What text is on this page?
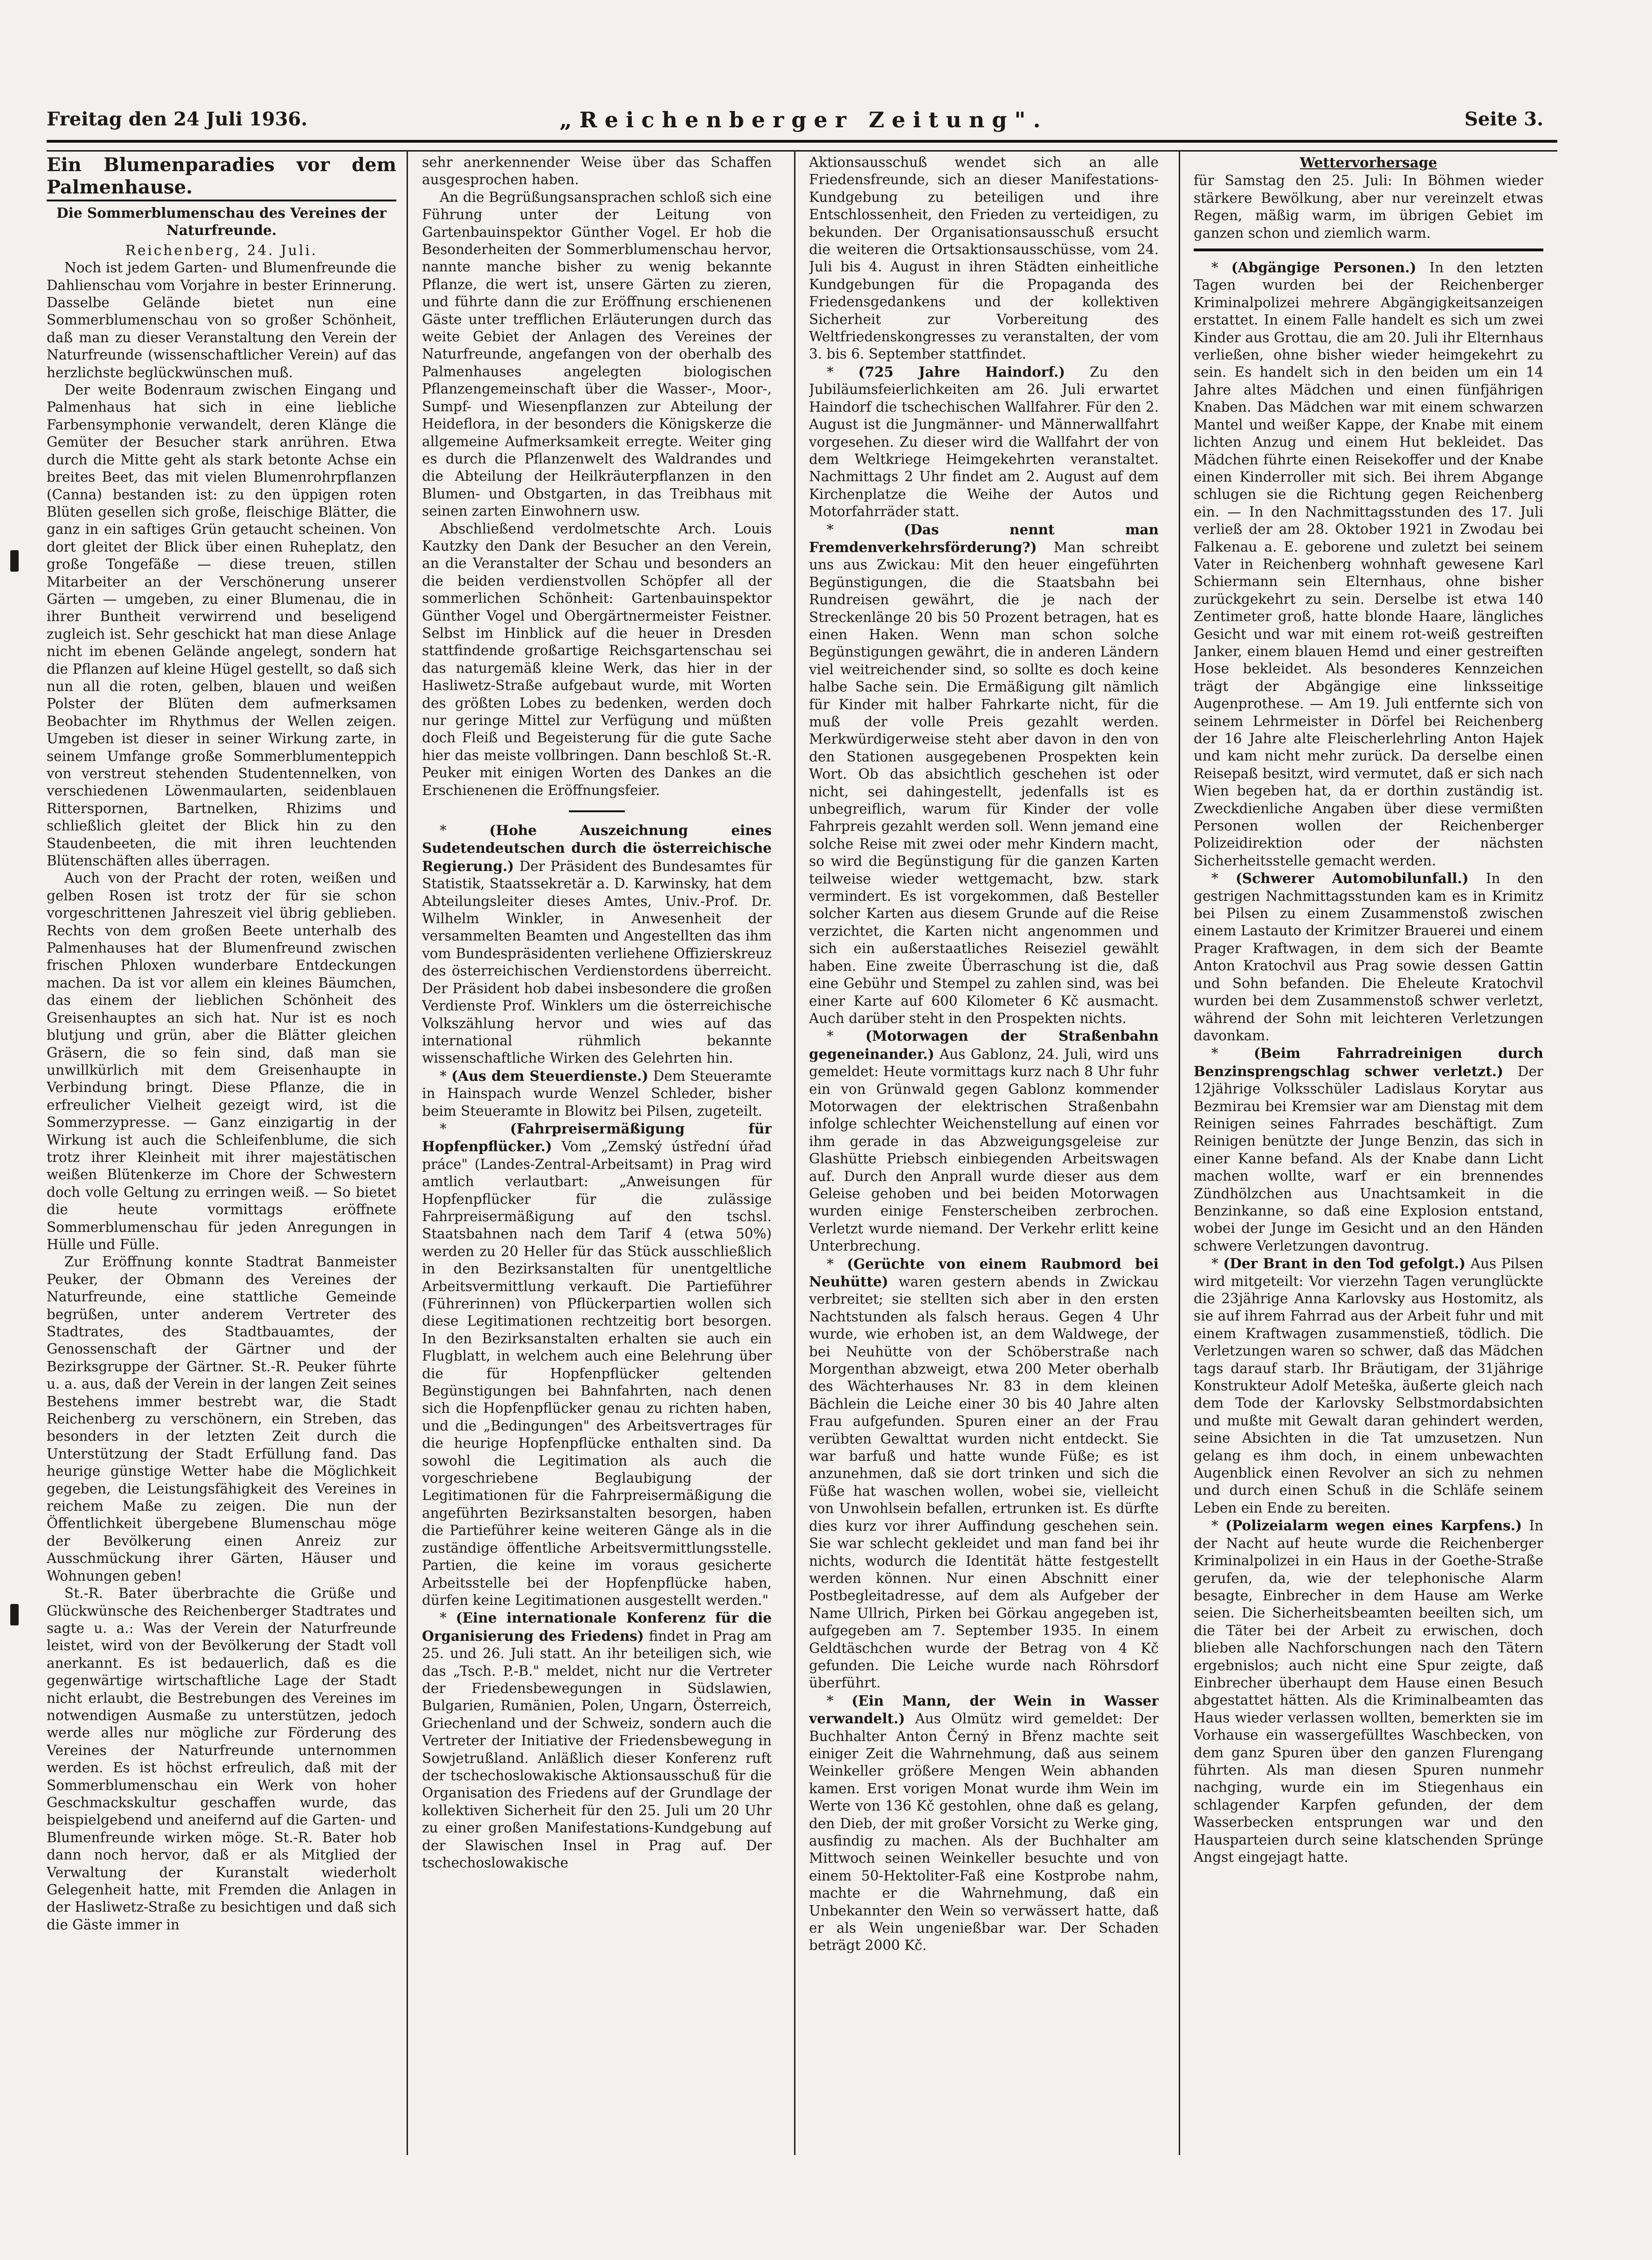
Freitag den 24 Juli 1936.	„Reichenberger Zeitung".	Seite 3.

Ein Blumenparadies vor dem Palmenhause.

Die Sommerblumenschau des Vereines der Naturfreunde.

Reichenberg, 24. Juli.

Noch ist jedem Garten- und Blumenfreunde die Dahlienschau vom Vorjahre in bester Erinnerung. Dasselbe Gelände bietet nun eine Sommerblumenschau von so großer Schönheit, daß man zu dieser Veranstaltung den Verein der Naturfreunde (wissenschaftlicher Verein) auf das herzlichste beglückwünschen muß.

Der weite Bodenraum zwischen Eingang und Palmenhaus hat sich in eine liebliche Farbensymphonie verwandelt, deren Klänge die Gemüter der Besucher stark anrühren. Etwa durch die Mitte geht als stark betonte Achse ein breites Beet, das mit vielen Blumenrohrpflanzen (Canna) bestanden ist: zu den üppigen roten Blüten gesellen sich große, fleischige Blätter, die ganz in ein saftiges Grün getaucht scheinen. Von dort gleitet der Blick über einen Ruheplatz, den große Tongefäße — diese treuen, stillen Mitarbeiter an der Verschönerung unserer Gärten — umgeben, zu einer Blumenau, die in ihrer Buntheit verwirrend und beseligend zugleich ist. Sehr geschickt hat man diese Anlage nicht im ebenen Gelände angelegt, sondern hat die Pflanzen auf kleine Hügel gestellt, so daß sich nun all die roten, gelben, blauen und weißen Polster der Blüten dem aufmerksamen Beobachter im Rhythmus der Wellen zeigen. Umgeben ist dieser in seiner Wirkung zarte, in seinem Umfange große Sommerblumenteppich von verstreut stehenden Studentennelken, von verschiedenen Löwenmaularten, seidenblauen Ritterspornen, Bartnelken, Rhizims und schließlich gleitet der Blick hin zu den Staudenbeeten, die mit ihren leuchtenden Blütenschäften alles überragen.

Auch von der Pracht der roten, weißen und gelben Rosen ist trotz der für sie schon vorgeschrittenen Jahreszeit viel übrig geblieben. Rechts von dem großen Beete unterhalb des Palmenhauses hat der Blumenfreund zwischen frischen Phloxen wunderbare Entdeckungen machen. Da ist vor allem ein kleines Bäumchen, das einem der lieblichen Schönheit des Greisenhauptes an sich hat. Nur ist es noch blutjung und grün, aber die Blätter gleichen Gräsern, die so fein sind, daß man sie unwillkürlich mit dem Greisenhaupte in Verbindung bringt. Diese Pflanze, die in erfreulicher Vielheit gezeigt wird, ist die Sommerzypresse. — Ganz einzigartig in der Wirkung ist auch die Schleifenblume, die sich trotz ihrer Kleinheit mit ihrer majestätischen weißen Blütenkerze im Chore der Schwestern doch volle Geltung zu erringen weiß. — So bietet die heute vormittags eröffnete Sommerblumenschau für jeden Anregungen in Hülle und Fülle.

Zur Eröffnung konnte Stadtrat Banmeister Peuker, der Obmann des Vereines der Naturfreunde, eine stattliche Gemeinde begrüßen, unter anderem Vertreter des Stadtrates, des Stadtbauamtes, der Genossenschaft der Gärtner und der Bezirksgruppe der Gärtner. St.-R. Peuker führte u. a. aus, daß der Verein in der langen Zeit seines Bestehens immer bestrebt war, die Stadt Reichenberg zu verschönern, ein Streben, das besonders in der letzten Zeit durch die Unterstützung der Stadt Erfüllung fand. Das heurige günstige Wetter habe die Möglichkeit gegeben, die Leistungsfähigkeit des Vereines in reichem Maße zu zeigen. Die nun der Öffentlichkeit übergebene Blumenschau möge der Bevölkerung einen Anreiz zur Ausschmückung ihrer Gärten, Häuser und Wohnungen geben!

St.-R. Bater überbrachte die Grüße und Glückwünsche des Reichenberger Stadtrates und sagte u. a.: Was der Verein der Naturfreunde leistet, wird von der Bevölkerung der Stadt voll anerkannt. Es ist bedauerlich, daß es die gegenwärtige wirtschaftliche Lage der Stadt nicht erlaubt, die Bestrebungen des Vereines im notwendigen Ausmaße zu unterstützen, jedoch werde alles nur mögliche zur Förderung des Vereines der Naturfreunde unternommen werden. Es ist höchst erfreulich, daß mit der Sommerblumenschau ein Werk von hoher Geschmackskultur geschaffen wurde, das beispielgebend und aneifernd auf die Garten- und Blumenfreunde wirken möge. St.-R. Bater hob dann noch hervor, daß er als Mitglied der Verwaltung der Kuranstalt wiederholt Gelegenheit hatte, mit Fremden die Anlagen in der Hasliwetz-Straße zu besichtigen und daß sich die Gäste immer in

sehr anerkennender Weise über das Schaffen ausgesprochen haben.

An die Begrüßungsansprachen schloß sich eine Führung unter der Leitung von Gartenbauinspektor Günther Vogel. Er hob die Besonderheiten der Sommerblumenschau hervor, nannte manche bisher zu wenig bekannte Pflanze, die wert ist, unsere Gärten zu zieren, und führte dann die zur Eröffnung erschienenen Gäste unter trefflichen Erläuterungen durch das weite Gebiet der Anlagen des Vereines der Naturfreunde, angefangen von der oberhalb des Palmenhauses angelegten biologischen Pflanzengemeinschaft über die Wasser-, Moor-, Sumpf- und Wiesenpflanzen zur Abteilung der Heideflora, in der besonders die Königskerze die allgemeine Aufmerksamkeit erregte. Weiter ging es durch die Pflanzenwelt des Waldrandes und die Abteilung der Heilkräuterpflanzen in den Blumen- und Obstgarten, in das Treibhaus mit seinen zarten Einwohnern usw.

Abschließend verdolmetschte Arch. Louis Kautzky den Dank der Besucher an den Verein, an die Veranstalter der Schau und besonders an die beiden verdienstvollen Schöpfer all der sommerlichen Schönheit: Gartenbauinspektor Günther Vogel und Obergärtnermeister Feistner. Selbst im Hinblick auf die heuer in Dresden stattfindende großartige Reichsgartenschau sei das naturgemäß kleine Werk, das hier in der Hasliwetz-Straße aufgebaut wurde, mit Worten des größten Lobes zu bedenken, werden doch nur geringe Mittel zur Verfügung und müßten doch Fleiß und Begeisterung für die gute Sache hier das meiste vollbringen. Dann beschloß St.-R. Peuker mit einigen Worten des Dankes an die Erschienenen die Eröffnungsfeier.

* (Hohe Auszeichnung eines Sudetendeutschen durch die österreichische Regierung.) Der Präsident des Bundesamtes für Statistik, Staatssekretär a. D. Karwinsky, hat dem Abteilungsleiter dieses Amtes, Univ.-Prof. Dr. Wilhelm Winkler, in Anwesenheit der versammelten Beamten und Angestellten das ihm vom Bundespräsidenten verliehene Offizierskreuz des österreichischen Verdienstordens überreicht. Der Präsident hob dabei insbesondere die großen Verdienste Prof. Winklers um die österreichische Volkszählung hervor und wies auf das international rühmlich bekannte wissenschaftliche Wirken des Gelehrten hin.

* (Aus dem Steuerdienste.) Dem Steueramte in Hainspach wurde Wenzel Schleder, bisher beim Steueramte in Blowitz bei Pilsen, zugeteilt.

* (Fahrpreisermäßigung für Hopfenpflücker.) Vom „Zemský ústřední úřad práce" (Landes-Zentral-Arbeitsamt) in Prag wird amtlich verlautbart: „Anweisungen für Hopfenpflücker für die zulässige Fahrpreisermäßigung auf den tschsl. Staatsbahnen nach dem Tarif 4 (etwa 50%) werden zu 20 Heller für das Stück ausschließlich in den Bezirksanstalten für unentgeltliche Arbeitsvermittlung verkauft. Die Partieführer (Führerinnen) von Pflückerpartien wollen sich diese Legitimationen rechtzeitig bort besorgen. In den Bezirksanstalten erhalten sie auch ein Flugblatt, in welchem auch eine Belehrung über die für Hopfenpflücker geltenden Begünstigungen bei Bahnfahrten, nach denen sich die Hopfenpflücker genau zu richten haben, und die „Bedingungen" des Arbeitsvertrages für die heurige Hopfenpflücke enthalten sind. Da sowohl die Legitimation als auch die vorgeschriebene Beglaubigung der Legitimationen für die Fahrpreisermäßigung die angeführten Bezirksanstalten besorgen, haben die Partieführer keine weiteren Gänge als in die zuständige öffentliche Arbeitsvermittlungsstelle. Partien, die keine im voraus gesicherte Arbeitsstelle bei der Hopfenpflücke haben, dürfen keine Legitimationen ausgestellt werden."

* (Eine internationale Konferenz für die Organisierung des Friedens) findet in Prag am 25. und 26. Juli statt. An ihr beteiligen sich, wie das „Tsch. P.-B." meldet, nicht nur die Vertreter der Friedensbewegungen in Südslawien, Bulgarien, Rumänien, Polen, Ungarn, Österreich, Griechenland und der Schweiz, sondern auch die Vertreter der Initiative der Friedensbewegung in Sowjetrußland. Anläßlich dieser Konferenz ruft der tschechoslowakische Aktionsausschuß für die Organisation des Friedens auf der Grundlage der kollektiven Sicherheit für den 25. Juli um 20 Uhr zu einer großen Manifestations-Kundgebung auf der Slawischen Insel in Prag auf. Der tschechoslowakische

Aktionsausschuß wendet sich an alle Friedensfreunde, sich an dieser Manifestations-Kundgebung zu beteiligen und ihre Entschlossenheit, den Frieden zu verteidigen, zu bekunden. Der Organisationsausschuß ersucht die weiteren die Ortsaktionsausschüsse, vom 24. Juli bis 4. August in ihren Städten einheitliche Kundgebungen für die Propaganda des Friedensgedankens und der kollektiven Sicherheit zur Vorbereitung des Weltfriedenskongresses zu veranstalten, der vom 3. bis 6. September stattfindet.

* (725 Jahre Haindorf.) Zu den Jubiläumsfeierlichkeiten am 26. Juli erwartet Haindorf die tschechischen Wallfahrer. Für den 2. August ist die Jungmänner- und Männerwallfahrt vorgesehen. Zu dieser wird die Wallfahrt der von dem Weltkriege Heimgekehrten veranstaltet. Nachmittags 2 Uhr findet am 2. August auf dem Kirchenplatze die Weihe der Autos und Motorfahrräder statt.

* (Das nennt man Fremdenverkehrsförderung?) Man schreibt uns aus Zwickau: Mit den heuer eingeführten Begünstigungen, die die Staatsbahn bei Rundreisen gewährt, die je nach der Streckenlänge 20 bis 50 Prozent betragen, hat es einen Haken. Wenn man schon solche Begünstigungen gewährt, die in anderen Ländern viel weitreichender sind, so sollte es doch keine halbe Sache sein. Die Ermäßigung gilt nämlich für Kinder mit halber Fahrkarte nicht, für die muß der volle Preis gezahlt werden. Merkwürdigerweise steht aber davon in den von den Stationen ausgegebenen Prospekten kein Wort. Ob das absichtlich geschehen ist oder nicht, sei dahingestellt, jedenfalls ist es unbegreiflich, warum für Kinder der volle Fahrpreis gezahlt werden soll. Wenn jemand eine solche Reise mit zwei oder mehr Kindern macht, so wird die Begünstigung für die ganzen Karten teilweise wieder wettgemacht, bzw. stark vermindert. Es ist vorgekommen, daß Besteller solcher Karten aus diesem Grunde auf die Reise verzichtet, die Karten nicht angenommen und sich ein außerstaatliches Reiseziel gewählt haben. Eine zweite Überraschung ist die, daß eine Gebühr und Stempel zu zahlen sind, was bei einer Karte auf 600 Kilometer 6 Kč ausmacht. Auch darüber steht in den Prospekten nichts.

* (Motorwagen der Straßenbahn gegeneinander.) Aus Gablonz, 24. Juli, wird uns gemeldet: Heute vormittags kurz nach 8 Uhr fuhr ein von Grünwald gegen Gablonz kommender Motorwagen der elektrischen Straßenbahn infolge schlechter Weichenstellung auf einen vor ihm gerade in das Abzweigungsgeleise zur Glashütte Priebsch einbiegenden Arbeitswagen auf. Durch den Anprall wurde dieser aus dem Geleise gehoben und bei beiden Motorwagen wurden einige Fensterscheiben zerbrochen. Verletzt wurde niemand. Der Verkehr erlitt keine Unterbrechung.

* (Gerüchte von einem Raubmord bei Neuhütte) waren gestern abends in Zwickau verbreitet; sie stellten sich aber in den ersten Nachtstunden als falsch heraus. Gegen 4 Uhr wurde, wie erhoben ist, an dem Waldwege, der bei Neuhütte von der Schöberstraße nach Morgenthan abzweigt, etwa 200 Meter oberhalb des Wächterhauses Nr. 83 in dem kleinen Bächlein die Leiche einer 30 bis 40 Jahre alten Frau aufgefunden. Spuren einer an der Frau verübten Gewalttat wurden nicht entdeckt. Sie war barfuß und hatte wunde Füße; es ist anzunehmen, daß sie dort trinken und sich die Füße hat waschen wollen, wobei sie, vielleicht von Unwohlsein befallen, ertrunken ist. Es dürfte dies kurz vor ihrer Auffindung geschehen sein. Sie war schlecht gekleidet und man fand bei ihr nichts, wodurch die Identität hätte festgestellt werden können. Nur einen Abschnitt einer Postbegleitadresse, auf dem als Aufgeber der Name Ullrich, Pirken bei Görkau angegeben ist, aufgegeben am 7. September 1935. In einem Geldtäschchen wurde der Betrag von 4 Kč gefunden. Die Leiche wurde nach Röhrsdorf überführt.

* (Ein Mann, der Wein in Wasser verwandelt.) Aus Olmütz wird gemeldet: Der Buchhalter Anton Černý in Břenz machte seit einiger Zeit die Wahrnehmung, daß aus seinem Weinkeller größere Mengen Wein abhanden kamen. Erst vorigen Monat wurde ihm Wein im Werte von 136 Kč gestohlen, ohne daß es gelang, den Dieb, der mit großer Vorsicht zu Werke ging, ausfindig zu machen. Als der Buchhalter am Mittwoch seinen Weinkeller besuchte und von einem 50-Hektoliter-Faß eine Kostprobe nahm, machte er die Wahrnehmung, daß ein Unbekannter den Wein so verwässert hatte, daß er als Wein ungenießbar war. Der Schaden beträgt 2000 Kč.

Wettervorhersage

für Samstag den 25. Juli: In Böhmen wieder stärkere Bewölkung, aber nur vereinzelt etwas Regen, mäßig warm, im übrigen Gebiet im ganzen schon und ziemlich warm.

* (Abgängige Personen.) In den letzten Tagen wurden bei der Reichenberger Kriminalpolizei mehrere Abgängigkeitsanzeigen erstattet. In einem Falle handelt es sich um zwei Kinder aus Grottau, die am 20. Juli ihr Elternhaus verließen, ohne bisher wieder heimgekehrt zu sein. Es handelt sich in den beiden um ein 14 Jahre altes Mädchen und einen fünfjährigen Knaben. Das Mädchen war mit einem schwarzen Mantel und weißer Kappe, der Knabe mit einem lichten Anzug und einem Hut bekleidet. Das Mädchen führte einen Reisekoffer und der Knabe einen Kinderroller mit sich. Bei ihrem Abgange schlugen sie die Richtung gegen Reichenberg ein. — In den Nachmittagsstunden des 17. Juli verließ der am 28. Oktober 1921 in Zwodau bei Falkenau a. E. geborene und zuletzt bei seinem Vater in Reichenberg wohnhaft gewesene Karl Schiermann sein Elternhaus, ohne bisher zurückgekehrt zu sein. Derselbe ist etwa 140 Zentimeter groß, hatte blonde Haare, längliches Gesicht und war mit einem rot-weiß gestreiften Janker, einem blauen Hemd und einer gestreiften Hose bekleidet. Als besonderes Kennzeichen trägt der Abgängige eine linksseitige Augenprothese. — Am 19. Juli entfernte sich von seinem Lehrmeister in Dörfel bei Reichenberg der 16 Jahre alte Fleischerlehrling Anton Hajek und kam nicht mehr zurück. Da derselbe einen Reisepaß besitzt, wird vermutet, daß er sich nach Wien begeben hat, da er dorthin zuständig ist. Zweckdienliche Angaben über diese vermißten Personen wollen der Reichenberger Polizeidirektion oder der nächsten Sicherheitsstelle gemacht werden.

* (Schwerer Automobilunfall.) In den gestrigen Nachmittagsstunden kam es in Krimitz bei Pilsen zu einem Zusammenstoß zwischen einem Lastauto der Krimitzer Brauerei und einem Prager Kraftwagen, in dem sich der Beamte Anton Kratochvil aus Prag sowie dessen Gattin und Sohn befanden. Die Eheleute Kratochvil wurden bei dem Zusammenstoß schwer verletzt, während der Sohn mit leichteren Verletzungen davonkam.

* (Beim Fahrradreinigen durch Benzinsprengschlag schwer verletzt.) Der 12jährige Volksschüler Ladislaus Korytar aus Bezmirau bei Kremsier war am Dienstag mit dem Reinigen seines Fahrrades beschäftigt. Zum Reinigen benützte der Junge Benzin, das sich in einer Kanne befand. Als der Knabe dann Licht machen wollte, warf er ein brennendes Zündhölzchen aus Unachtsamkeit in die Benzinkanne, so daß eine Explosion entstand, wobei der Junge im Gesicht und an den Händen schwere Verletzungen davontrug.

* (Der Brant in den Tod gefolgt.) Aus Pilsen wird mitgeteilt: Vor vierzehn Tagen verunglückte die 23jährige Anna Karlovsky aus Hostomitz, als sie auf ihrem Fahrrad aus der Arbeit fuhr und mit einem Kraftwagen zusammenstieß, tödlich. Die Verletzungen waren so schwer, daß das Mädchen tags darauf starb. Ihr Bräutigam, der 31jährige Konstrukteur Adolf Meteška, äußerte gleich nach dem Tode der Karlovsky Selbstmordabsichten und mußte mit Gewalt daran gehindert werden, seine Absichten in die Tat umzusetzen. Nun gelang es ihm doch, in einem unbewachten Augenblick einen Revolver an sich zu nehmen und durch einen Schuß in die Schläfe seinem Leben ein Ende zu bereiten.

* (Polizeialarm wegen eines Karpfens.) In der Nacht auf heute wurde die Reichenberger Kriminalpolizei in ein Haus in der Goethe-Straße gerufen, da, wie der telephonische Alarm besagte, Einbrecher in dem Hause am Werke seien. Die Sicherheitsbeamten beeilten sich, um die Täter bei der Arbeit zu erwischen, doch blieben alle Nachforschungen nach den Tätern ergebnislos; auch nicht eine Spur zeigte, daß Einbrecher überhaupt dem Hause einen Besuch abgestattet hätten. Als die Kriminalbeamten das Haus wieder verlassen wollten, bemerkten sie im Vorhause ein wassergefülltes Waschbecken, von dem ganz Spuren über den ganzen Flurengang führten. Als man diesen Spuren nunmehr nachging, wurde ein im Stiegenhaus ein schlagender Karpfen gefunden, der dem Wasserbecken entsprungen war und den Hausparteien durch seine klatschenden Sprünge Angst eingejagt hatte.
